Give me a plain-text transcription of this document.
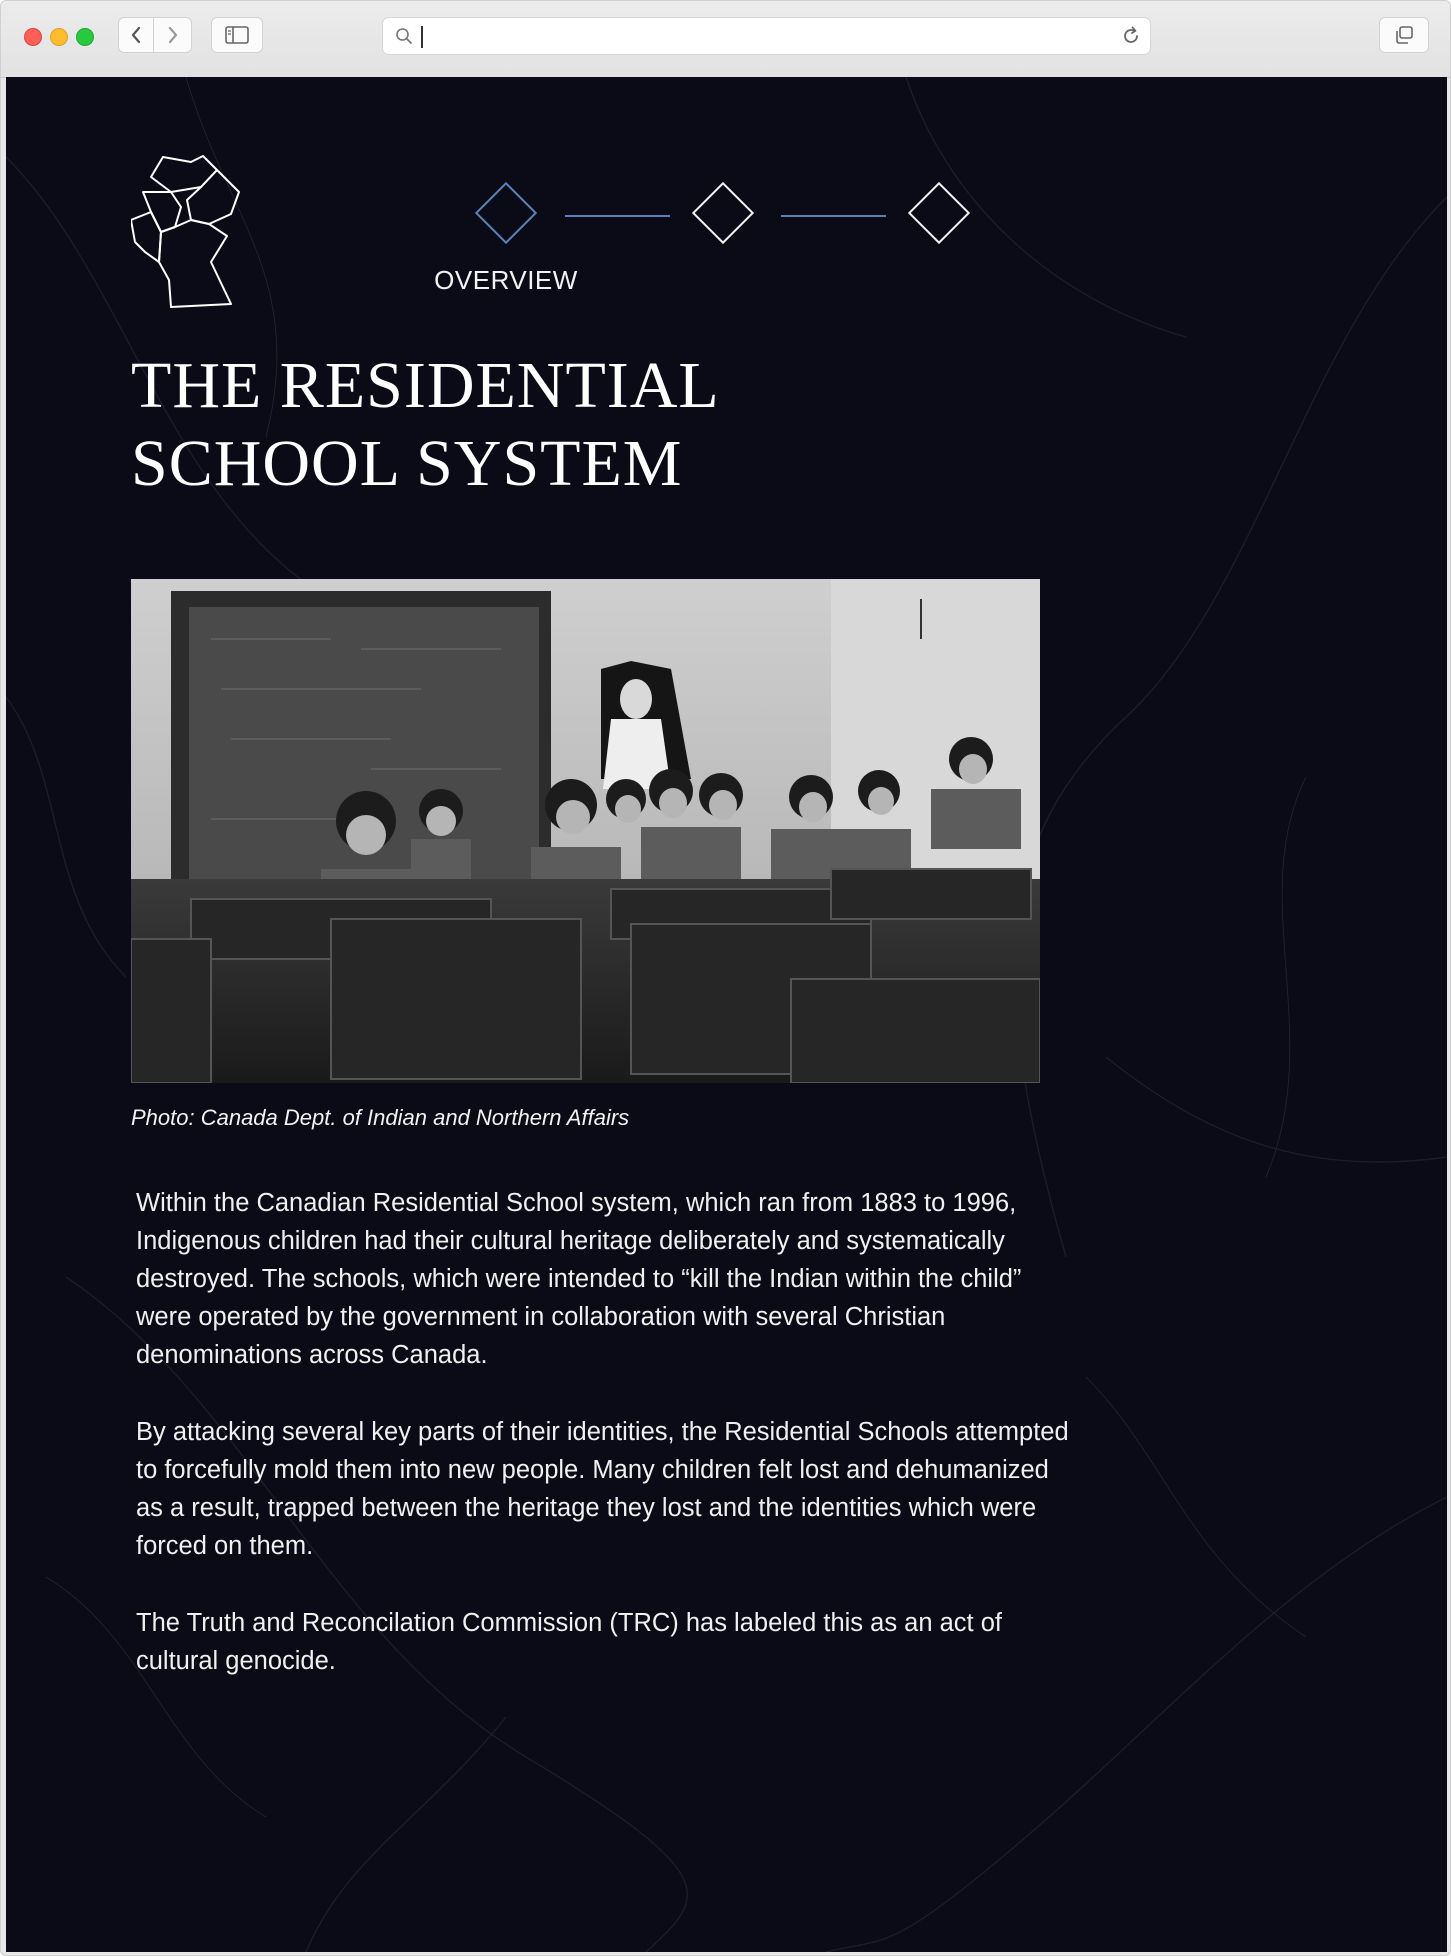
OVERVIEW
THE RESIDENTIAL
SCHOOL SYSTEM
Photo: Canada Dept. of Indian and Northern Affairs

Within the Canadian Residential School system, which ran from 1883 to 1996, Indigenous children had their cultural heritage deliberately and systematically destroyed. The schools, which were intended to “kill the Indian within the child” were operated by the government in collaboration with several Christian denominations across Canada.

By attacking several key parts of their identities, the Residential Schools attempted to forcefully mold them into new people. Many children felt lost and dehumanized as a result, trapped between the heritage they lost and the identities which were forced on them.

The Truth and Reconcilation Commission (TRC) has labeled this as an act of cultural genocide.
